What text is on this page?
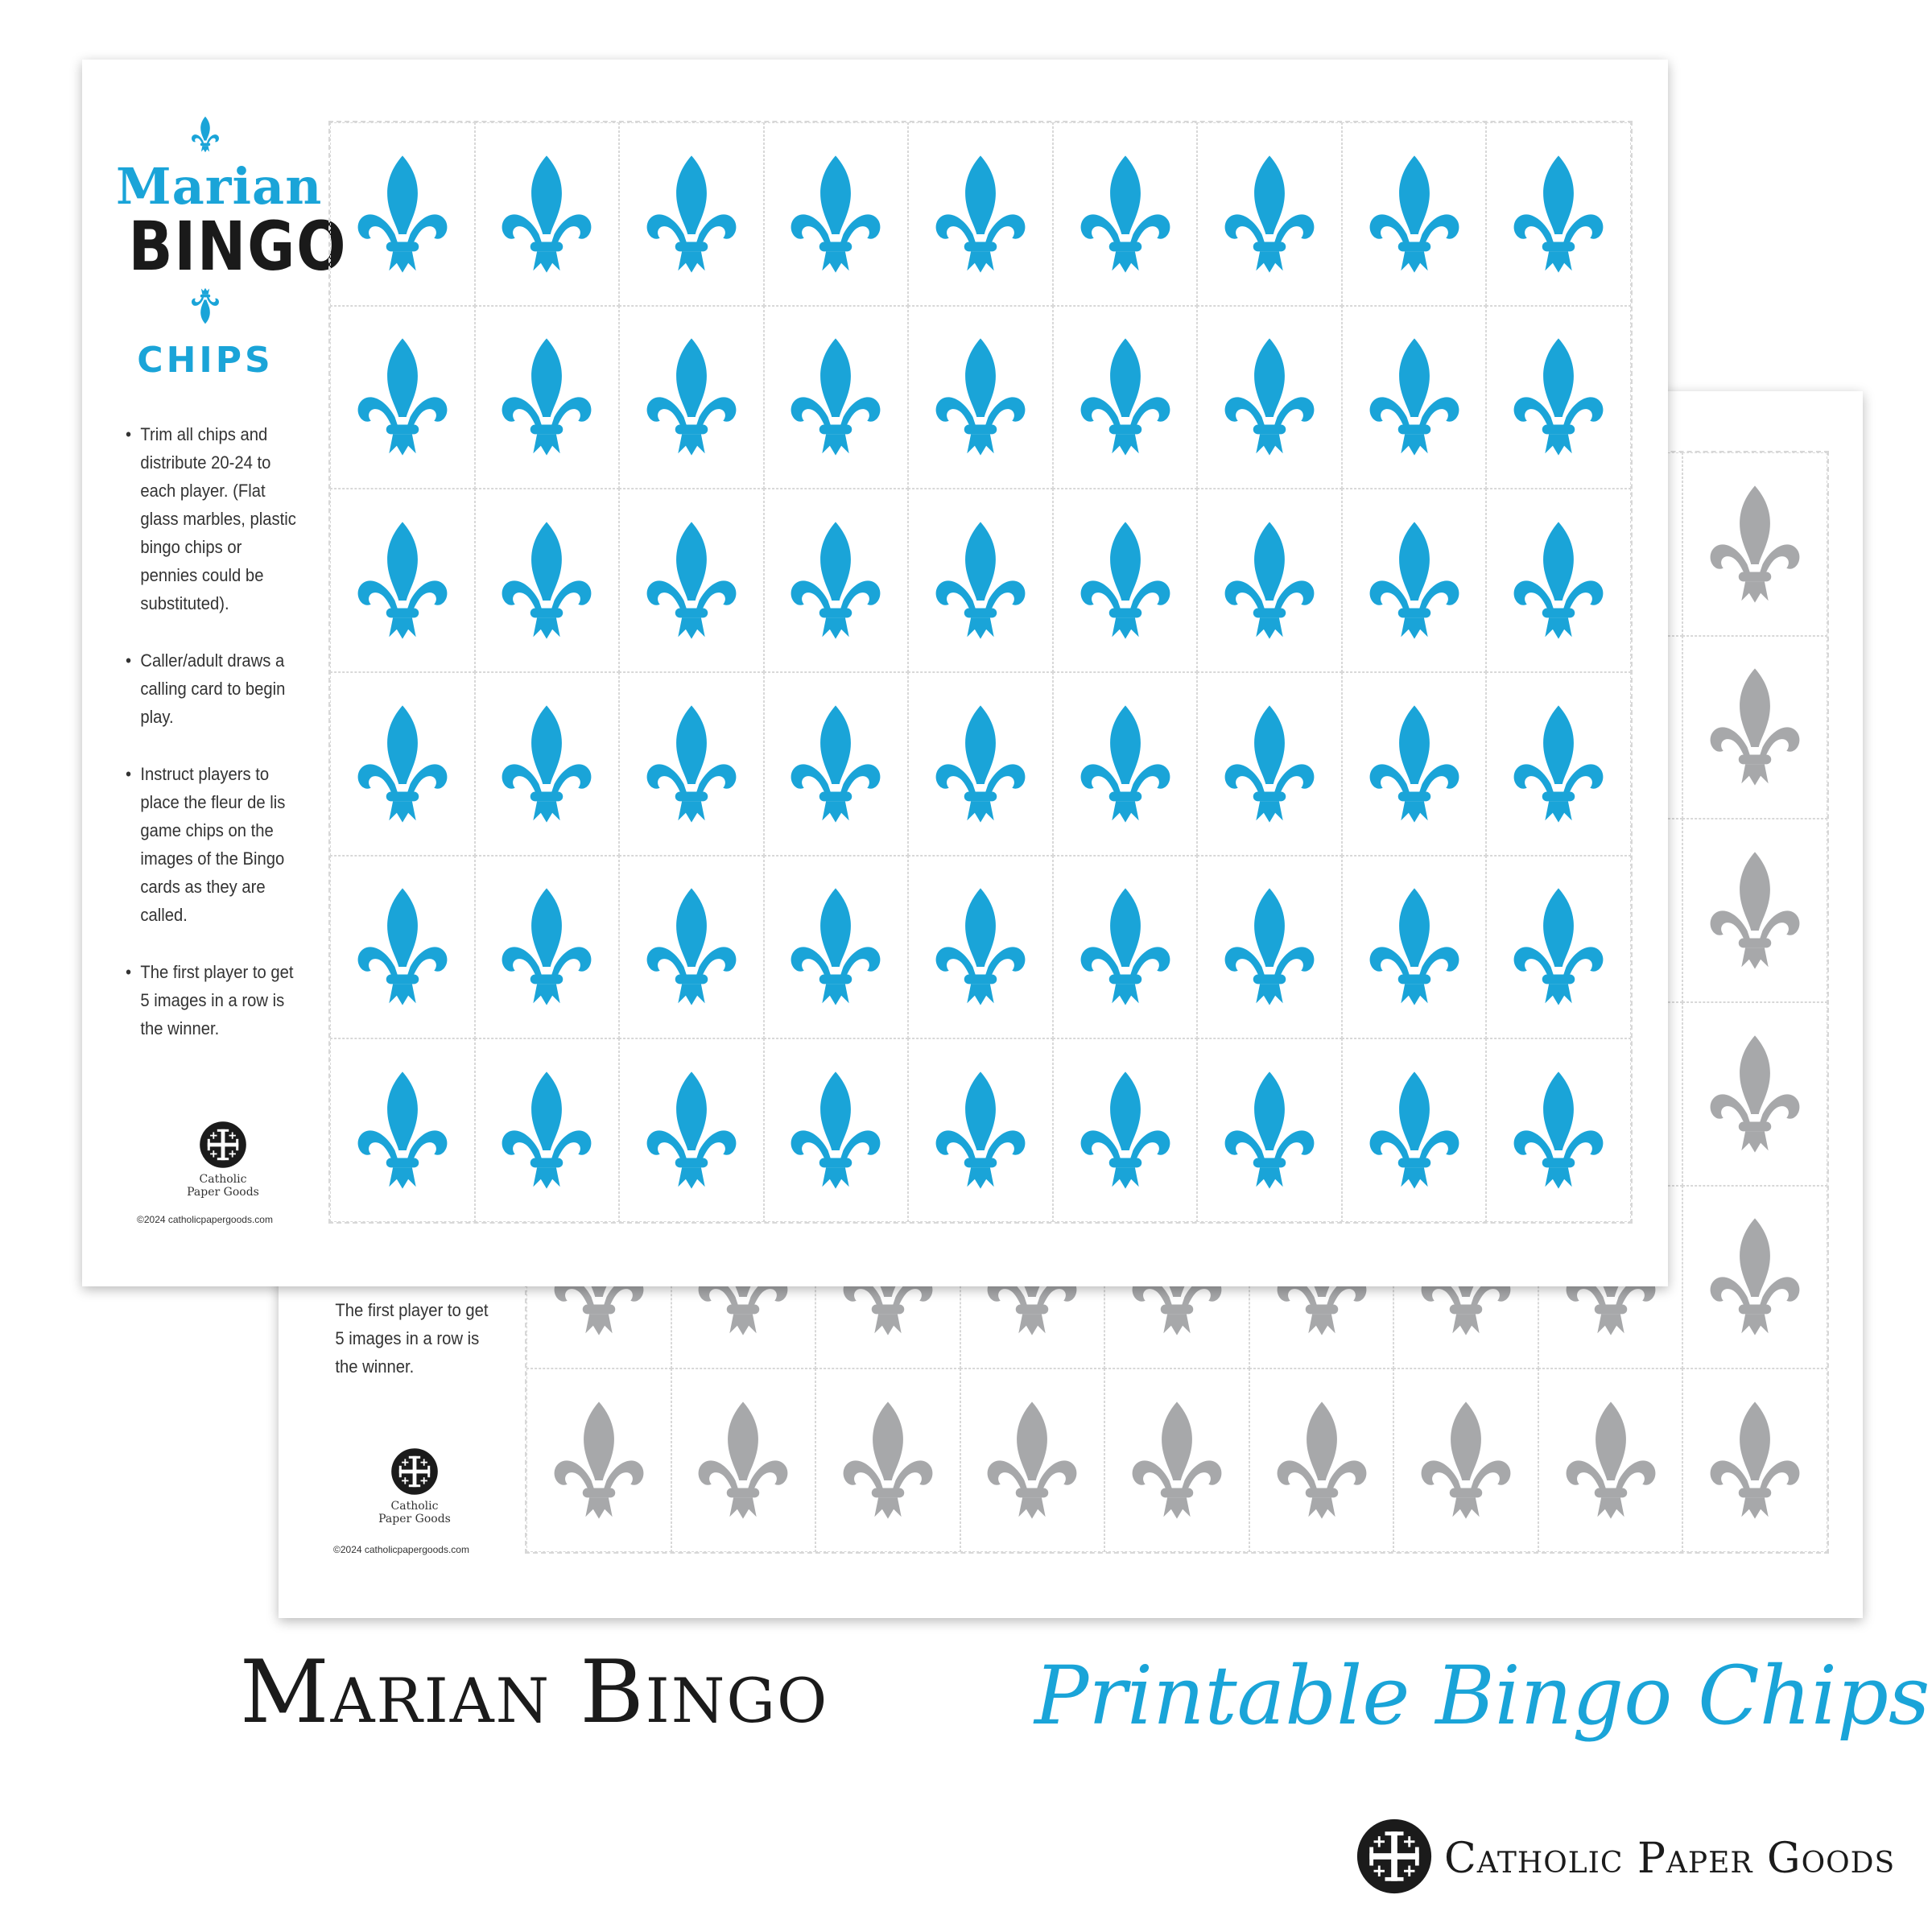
The first player to get 5 images in a row is the winner.
Catholic
Paper Goods
©2024 catholicpapergoods.com
Marian
BINGO
CHIPS
• Trim all chips and distribute 20-24 to each player. (Flat glass marbles, plastic bingo chips or pennies could be substituted).
• Caller/adult draws a calling card to begin play.
• Instruct players to place the fleur de lis game chips on the images of the Bingo cards as they are called.
• The first player to get 5 images in a row is the winner.
Catholic
Paper Goods
©2024 catholicpapergoods.com
Marian Bingo	Printable Bingo Chips
Catholic Paper Goods
